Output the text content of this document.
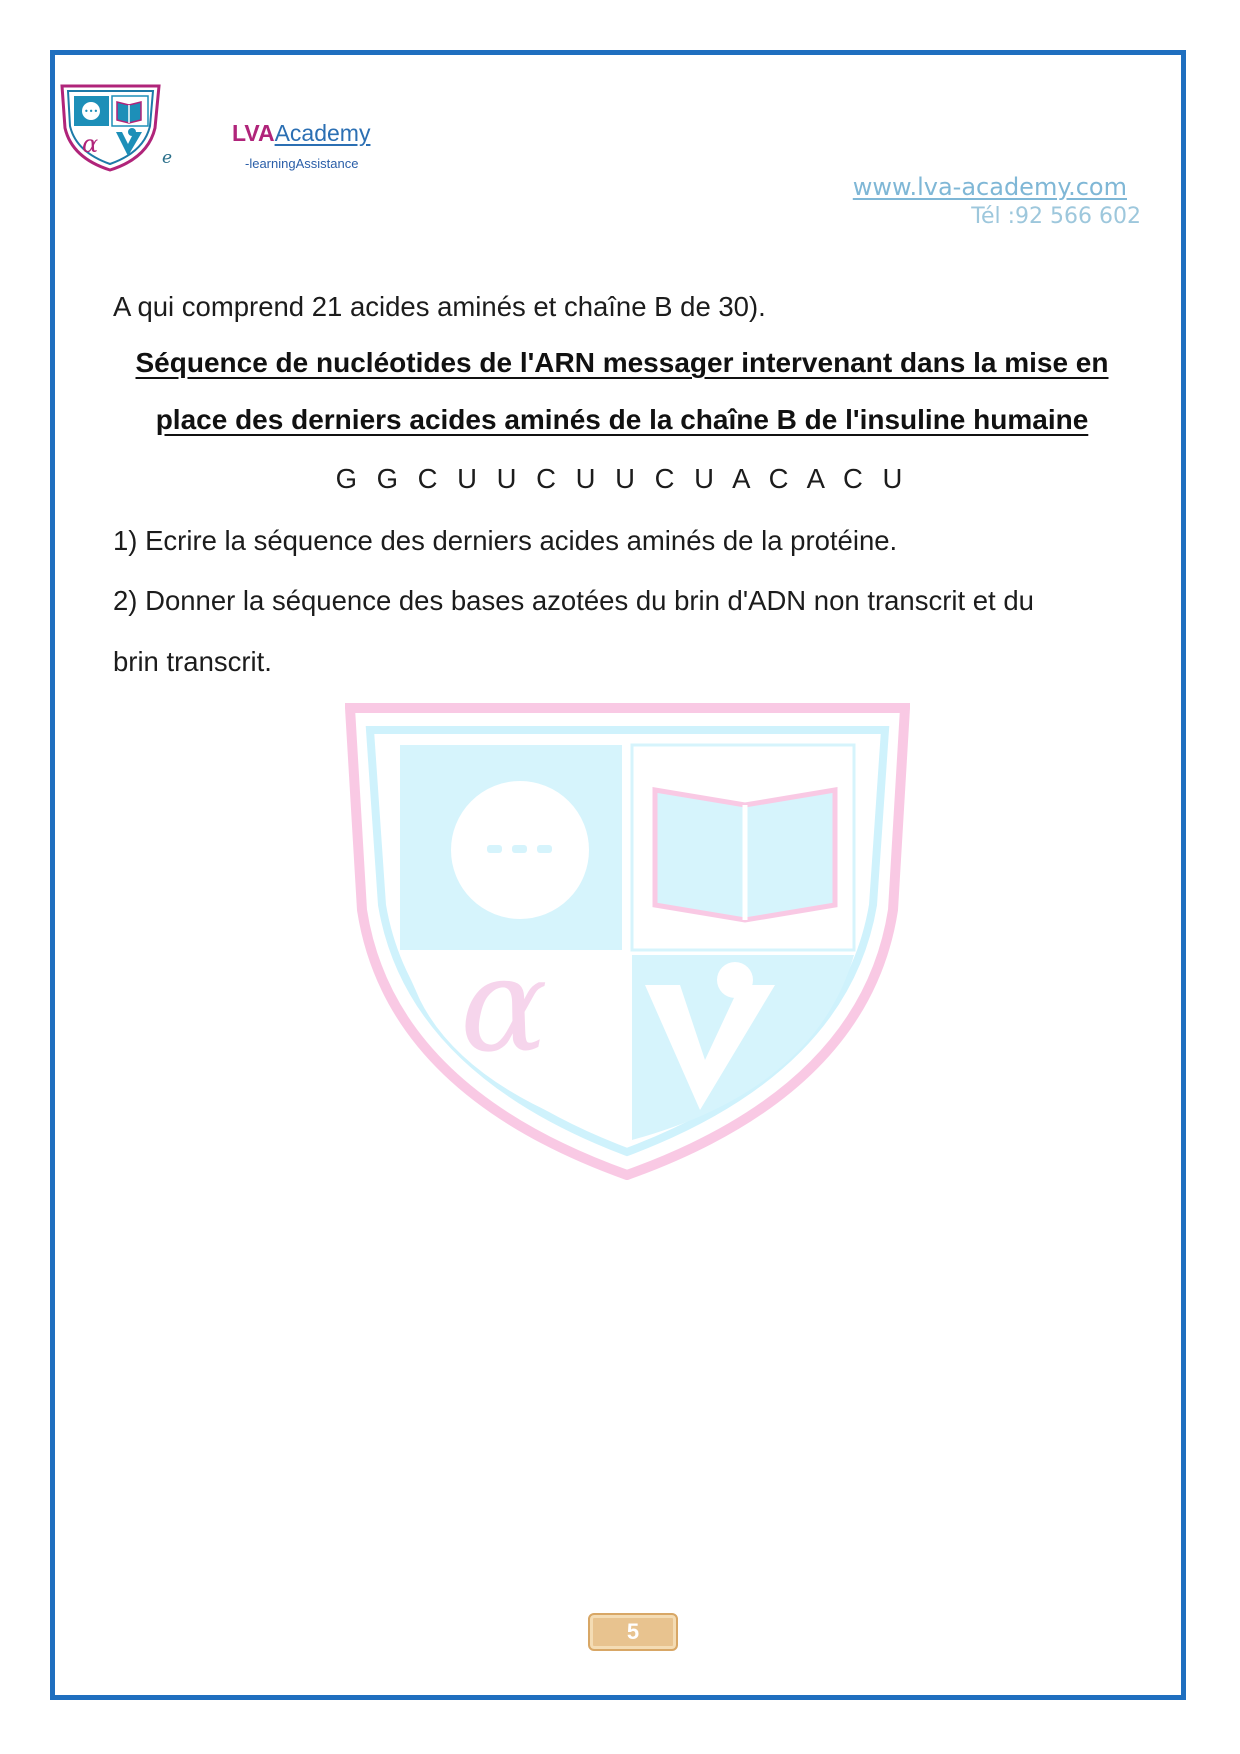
•••
α	e
LVAAcademy
-learningAssistance
www.lva-academy.com
Tél :92 566 602
α
A qui comprend 21 acides aminés et chaîne B de 30).
Séquence de nucléotides de l'ARN messager intervenant dans la mise en
place des derniers acides aminés de la chaîne B de l'insuline humaine
G G C U U C U U C U A C A C U
1) Ecrire la séquence des derniers acides aminés de la protéine.
2) Donner la séquence des bases azotées du brin d'ADN non transcrit et du
brin transcrit.
5
